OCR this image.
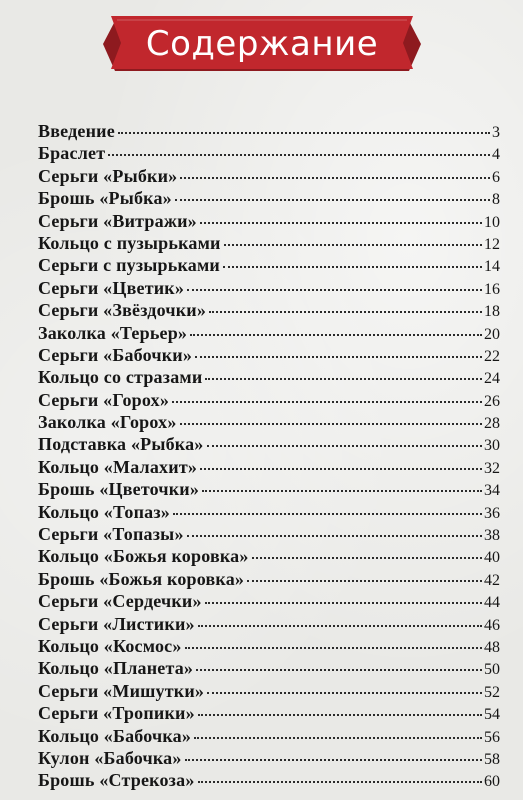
Содержание
Введение	3
Браслет	4
Серьги «Рыбки»	6
Брошь «Рыбка»	8
Серьги «Витражи»	10
Кольцо с пузырьками	12
Серьги с пузырьками	14
Серьги «Цветик»	16
Серьги «Звёздочки»	18
Заколка «Терьер»	20
Серьги «Бабочки»	22
Кольцо со стразами	24
Серьги «Горох»	26
Заколка «Горох»	28
Подставка «Рыбка»	30
Кольцо «Малахит»	32
Брошь «Цветочки»	34
Кольцо «Топаз»	36
Серьги «Топазы»	38
Кольцо «Божья коровка»	40
Брошь «Божья коровка»	42
Серьги «Сердечки»	44
Серьги «Листики»	46
Кольцо «Космос»	48
Кольцо «Планета»	50
Серьги «Мишутки»	52
Серьги «Тропики»	54
Кольцо «Бабочка»	56
Кулон «Бабочка»	58
Брошь «Стрекоза»	60
